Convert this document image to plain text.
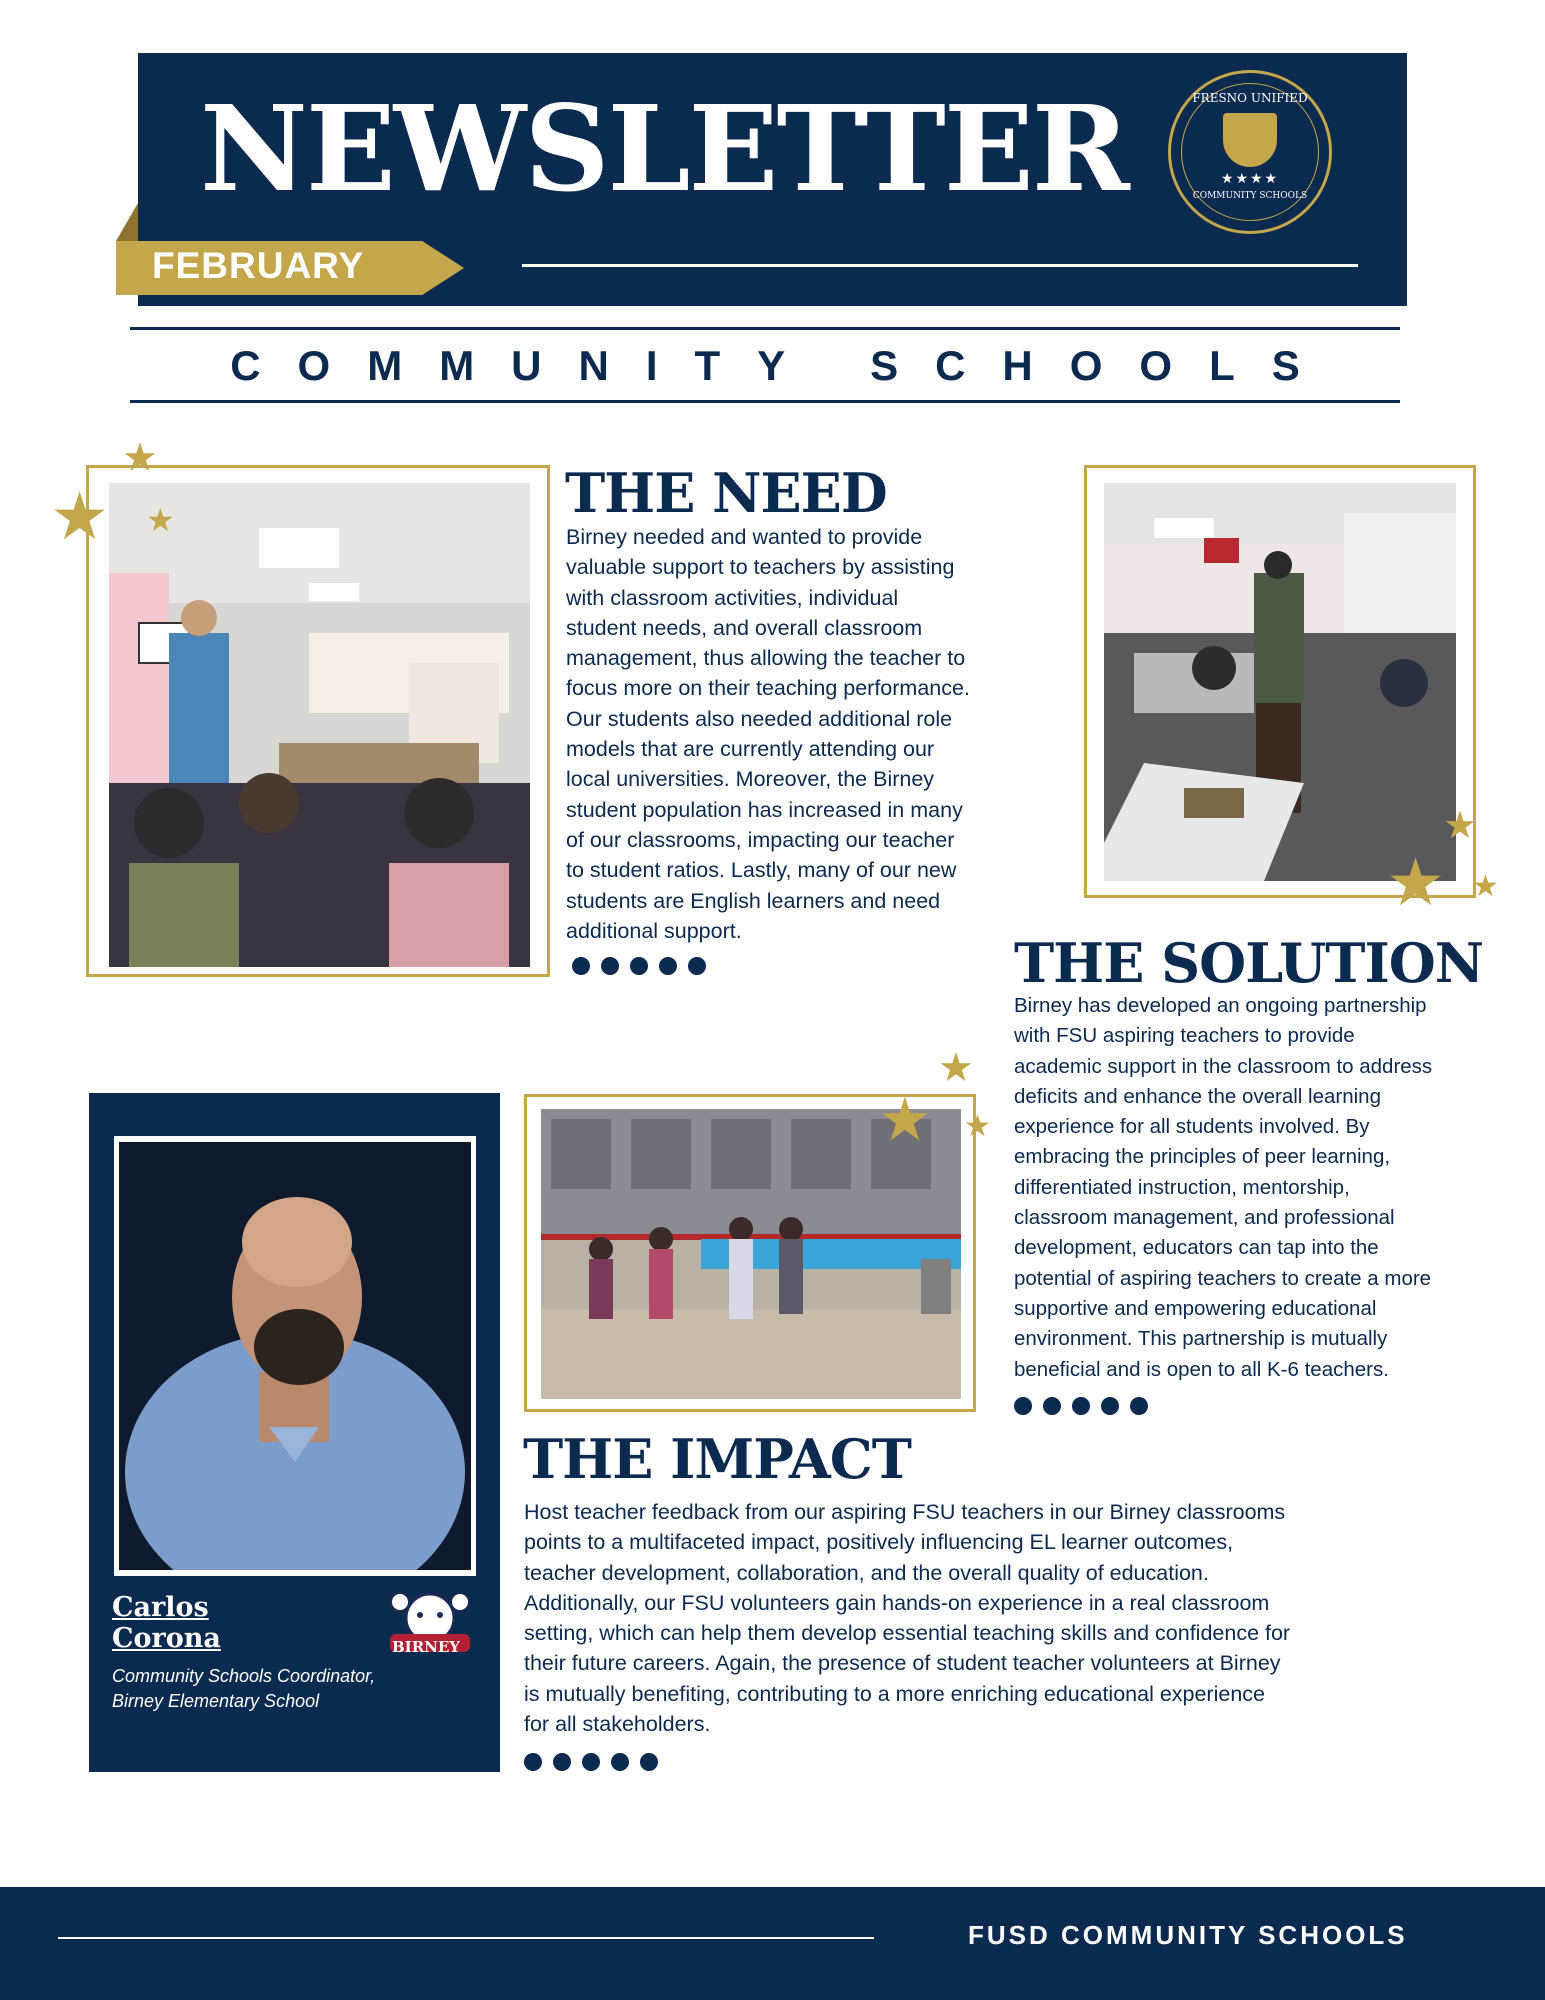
NEWSLETTER	FRESNO UNIFIED
★★★★
COMMUNITY SCHOOLS
FEBRUARY
COMMUNITY SCHOOLS
★
★ ★	THE NEED
Birney needed and wanted to provide
valuable support to teachers by assisting
with classroom activities, individual
student needs, and overall classroom
management, thus allowing the teacher to
focus more on their teaching performance.
Our students also needed additional role
models that are currently attending our
local universities. Moreover, the Birney
student population has increased in many
of our classrooms, impacting our teacher
to student ratios. Lastly, many of our new
students are English learners and need
additional support.
★
★
★
THE SOLUTION
Birney has developed an ongoing partnership
with FSU aspiring teachers to provide
academic support in the classroom to address
deficits and enhance the overall learning
experience for all students involved. By
embracing the principles of peer learning,
differentiated instruction, mentorship,
classroom management, and professional
development, educators can tap into the
potential of aspiring teachers to create a more
supportive and empowering educational
environment. This partnership is mutually
beneficial and is open to all K-6 teachers.
Carlos
Corona
Community Schools Coordinator,
Birney Elementary School
BIRNEY
★
★
★
THE IMPACT
Host teacher feedback from our aspiring FSU teachers in our Birney classrooms
points to a multifaceted impact, positively influencing EL learner outcomes,
teacher development, collaboration, and the overall quality of education.
Additionally, our FSU volunteers gain hands-on experience in a real classroom
setting, which can help them develop essential teaching skills and confidence for
their future careers. Again, the presence of student teacher volunteers at Birney
is mutually benefiting, contributing to a more enriching educational experience
for all stakeholders.
FUSD COMMUNITY SCHOOLS
